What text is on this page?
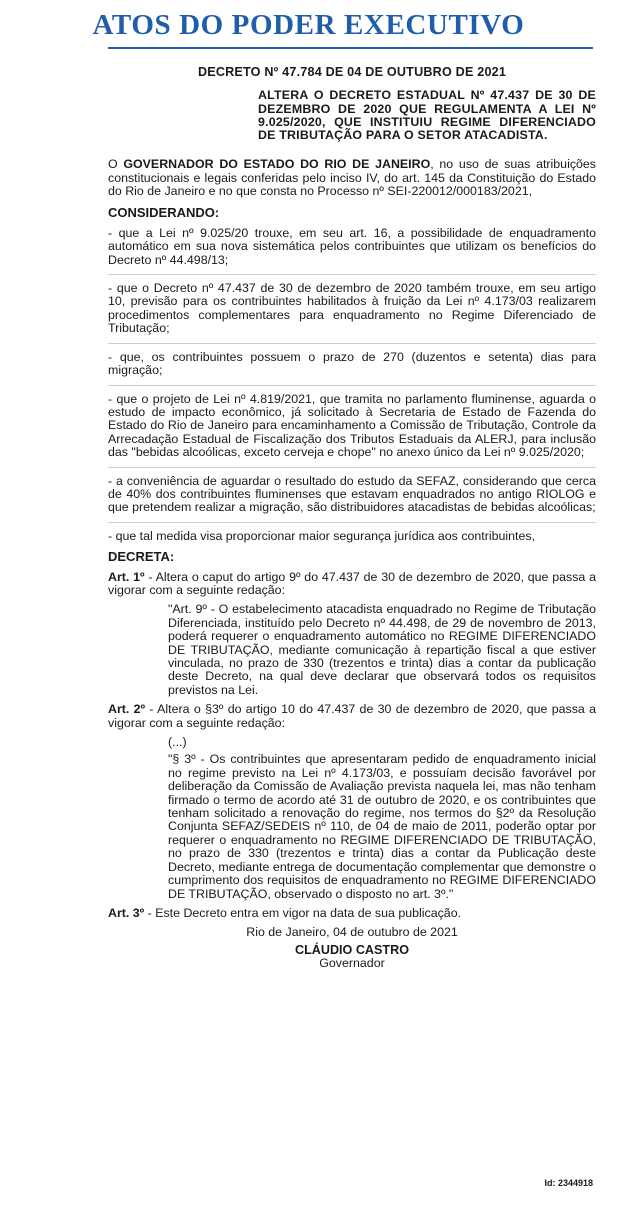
ATOS DO PODER EXECUTIVO
DECRETO Nº 47.784 DE 04 DE OUTUBRO DE 2021
ALTERA O DECRETO ESTADUAL Nº 47.437 DE 30 DE DEZEMBRO DE 2020 QUE REGULAMENTA A LEI Nº 9.025/2020, QUE INSTITUIU REGIME DIFERENCIADO DE TRIBUTAÇÃO PARA O SETOR ATACADISTA.

O GOVERNADOR DO ESTADO DO RIO DE JANEIRO, no uso de suas atribuições constitucionais e legais conferidas pelo inciso IV, do art. 145 da Constituição do Estado do Rio de Janeiro e no que consta no Processo nº SEI-220012/000183/2021,

CONSIDERANDO:

- que a Lei nº 9.025/20 trouxe, em seu art. 16, a possibilidade de enquadramento automático em sua nova sistemática pelos contribuintes que utilizam os benefícios do Decreto nº 44.498/13;

- que o Decreto nº 47.437 de 30 de dezembro de 2020 também trouxe, em seu artigo 10, previsão para os contribuintes habilitados à fruição da Lei nº 4.173/03 realizarem procedimentos complementares para enquadramento no Regime Diferenciado de Tributação;

- que, os contribuintes possuem o prazo de 270 (duzentos e setenta) dias para migração;

- que o projeto de Lei nº 4.819/2021, que tramita no parlamento fluminense, aguarda o estudo de impacto econômico, já solicitado à Secretaria de Estado de Fazenda do Estado do Rio de Janeiro para encaminhamento a Comissão de Tributação, Controle da Arrecadação Estadual de Fiscalização dos Tributos Estaduais da ALERJ, para inclusão das "bebidas alcoólicas, exceto cerveja e chope" no anexo único da Lei nº 9.025/2020;

- a conveniência de aguardar o resultado do estudo da SEFAZ, considerando que cerca de 40% dos contribuintes fluminenses que estavam enquadrados no antigo RIOLOG e que pretendem realizar a migração, são distribuidores atacadistas de bebidas alcoólicas;

- que tal medida visa proporcionar maior segurança jurídica aos contribuintes,

DECRETA:

Art. 1º - Altera o caput do artigo 9º do 47.437 de 30 de dezembro de 2020, que passa a vigorar com a seguinte redação:

"Art. 9º - O estabelecimento atacadista enquadrado no Regime de Tributação Diferenciada, instituído pelo Decreto nº 44.498, de 29 de novembro de 2013, poderá requerer o enquadramento automático no REGIME DIFERENCIADO DE TRIBUTAÇÃO, mediante comunicação à repartição fiscal a que estiver vinculada, no prazo de 330 (trezentos e trinta) dias a contar da publicação deste Decreto, na qual deve declarar que observará todos os requisitos previstos na Lei.

Art. 2º - Altera o §3º do artigo 10 do 47.437 de 30 de dezembro de 2020, que passa a vigorar com a seguinte redação:

(...)

"§ 3º - Os contribuintes que apresentaram pedido de enquadramento inicial no regime previsto na Lei nº 4.173/03, e possuíam decisão favorável por deliberação da Comissão de Avaliação prevista naquela lei, mas não tenham firmado o termo de acordo até 31 de outubro de 2020, e os contribuintes que tenham solicitado a renovação do regime, nos termos do §2º da Resolução Conjunta SEFAZ/SEDEIS nº 110, de 04 de maio de 2011, poderão optar por requerer o enquadramento no REGIME DIFERENCIADO DE TRIBUTAÇÃO, no prazo de 330 (trezentos e trinta) dias a contar da Publicação deste Decreto, mediante entrega de documentação complementar que demonstre o cumprimento dos requisitos de enquadramento no REGIME DIFERENCIADO DE TRIBUTAÇÃO, observado o disposto no art. 3º."

Art. 3º - Este Decreto entra em vigor na data de sua publicação.

Rio de Janeiro, 04 de outubro de 2021
CLÁUDIO CASTRO
Governador
Id: 2344918
